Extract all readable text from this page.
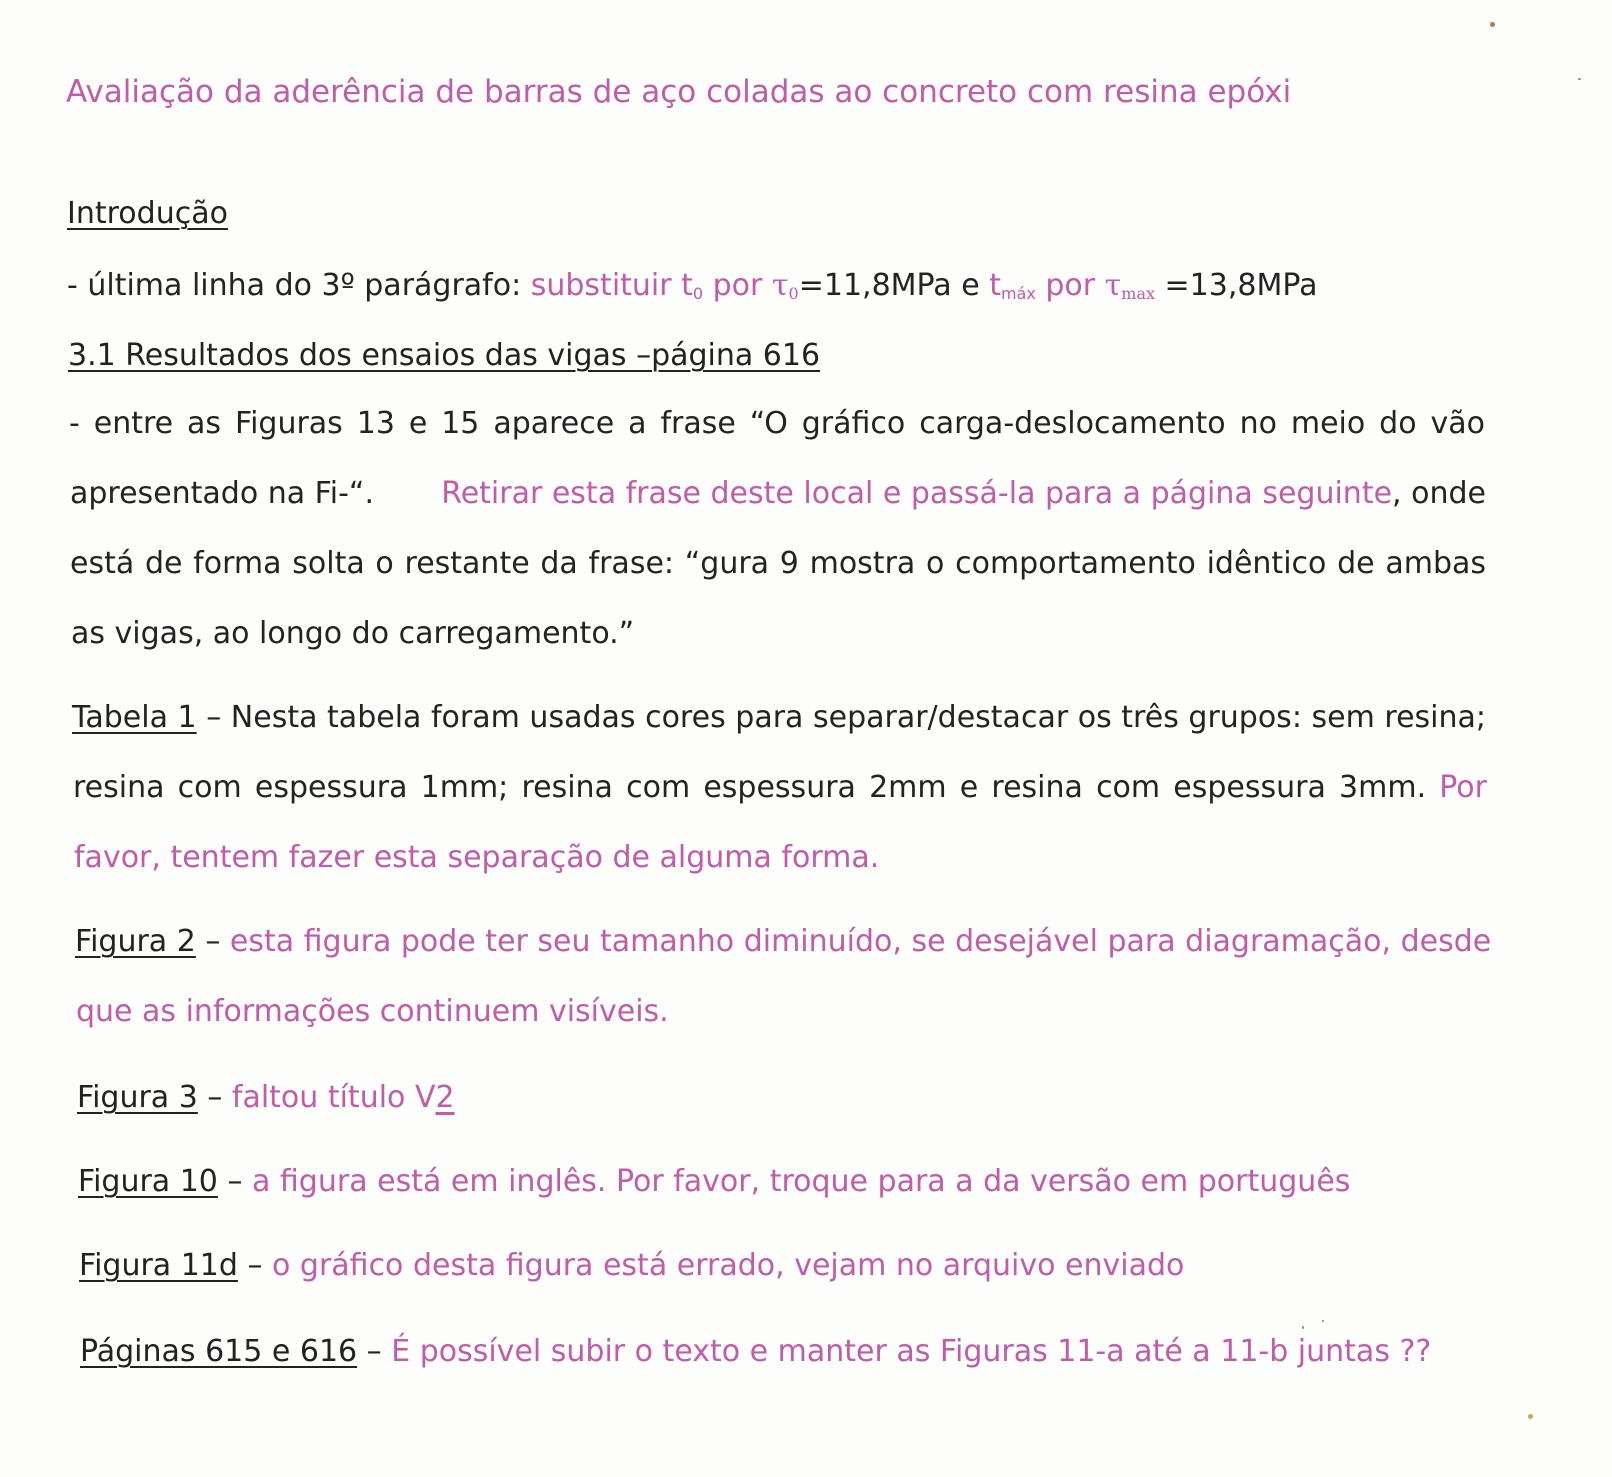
Avaliação da aderência de barras de aço coladas ao concreto com resina epóxi
Introdução
- última linha do 3º parágrafo: substituir $t_0$ por τ0=11,8MPa e $t_{máx}$ por τmax =13,8MPa
3.1 Resultados dos ensaios das vigas –página 616
- entre as Figuras 13 e 15 aparece a frase “O gráfico carga-deslocamento no meio do vão
apresentado na Fi-“. Retirar esta frase deste local e passá-la para a página seguinte, onde
está de forma solta o restante da frase: “gura 9 mostra o comportamento idêntico de ambas
as vigas, ao longo do carregamento.”
Tabela 1 – Nesta tabela foram usadas cores para separar/destacar os três grupos: sem resina;
resina com espessura 1mm; resina com espessura 2mm e resina com espessura 3mm. Por
favor, tentem fazer esta separação de alguma forma.
Figura 2 – esta figura pode ter seu tamanho diminuído, se desejável para diagramação, desde
que as informações continuem visíveis.
Figura 3 – faltou título V2
Figura 10 – a figura está em inglês. Por favor, troque para a da versão em português
Figura 11d – o gráfico desta figura está errado, vejam no arquivo enviado
Páginas 615 e 616 – É possível subir o texto e manter as Figuras 11-a até a 11-b juntas ??
